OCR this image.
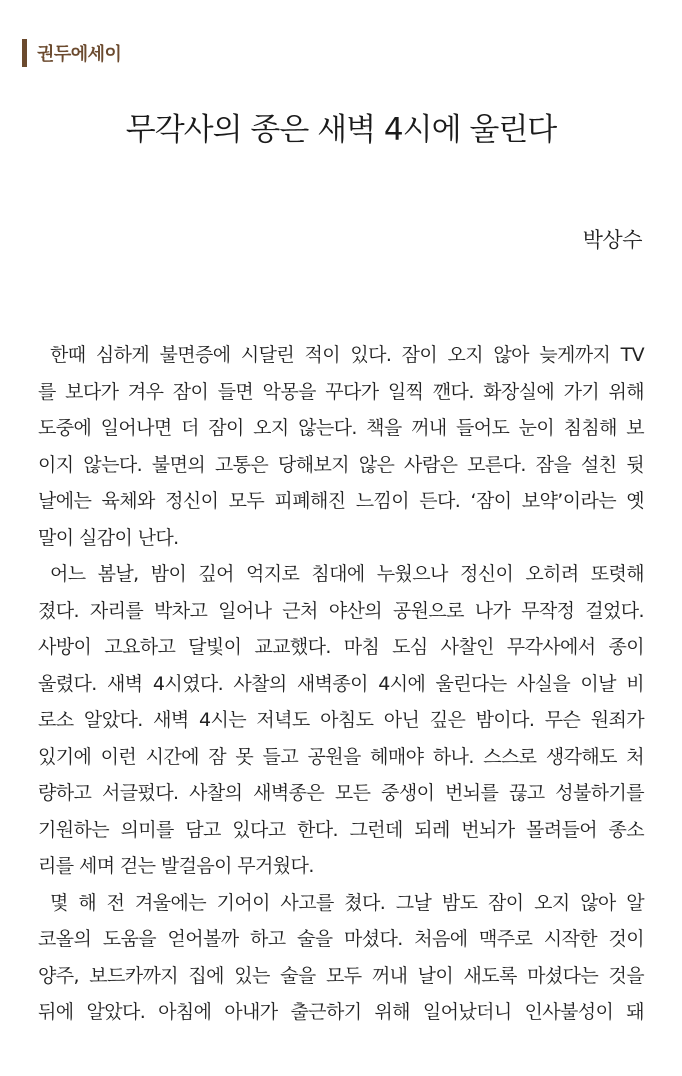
권두에세이
무각사의 종은 새벽 4시에 울린다
박상수
한때 심하게 불면증에 시달린 적이 있다. 잠이 오지 않아 늦게까지 TV
를 보다가 겨우 잠이 들면 악몽을 꾸다가 일찍 깬다. 화장실에 가기 위해
도중에 일어나면 더 잠이 오지 않는다. 책을 꺼내 들어도 눈이 침침해 보
이지 않는다. 불면의 고통은 당해보지 않은 사람은 모른다. 잠을 설친 뒷
날에는 육체와 정신이 모두 피폐해진 느낌이 든다. ‘잠이 보약’이라는 옛
말이 실감이 난다.
어느 봄날, 밤이 깊어 억지로 침대에 누웠으나 정신이 오히려 또렷해
졌다. 자리를 박차고 일어나 근처 야산의 공원으로 나가 무작정 걸었다.
사방이 고요하고 달빛이 교교했다. 마침 도심 사찰인 무각사에서 종이
울렸다. 새벽 4시였다. 사찰의 새벽종이 4시에 울린다는 사실을 이날 비
로소 알았다. 새벽 4시는 저녁도 아침도 아닌 깊은 밤이다. 무슨 원죄가
있기에 이런 시간에 잠 못 들고 공원을 헤매야 하나. 스스로 생각해도 처
량하고 서글펐다. 사찰의 새벽종은 모든 중생이 번뇌를 끊고 성불하기를
기원하는 의미를 담고 있다고 한다. 그런데 되레 번뇌가 몰려들어 종소
리를 세며 걷는 발걸음이 무거웠다.
몇 해 전 겨울에는 기어이 사고를 쳤다. 그날 밤도 잠이 오지 않아 알
코올의 도움을 얻어볼까 하고 술을 마셨다. 처음에 맥주로 시작한 것이
양주, 보드카까지 집에 있는 술을 모두 꺼내 날이 새도록 마셨다는 것을
뒤에 알았다. 아침에 아내가 출근하기 위해 일어났더니 인사불성이 돼
